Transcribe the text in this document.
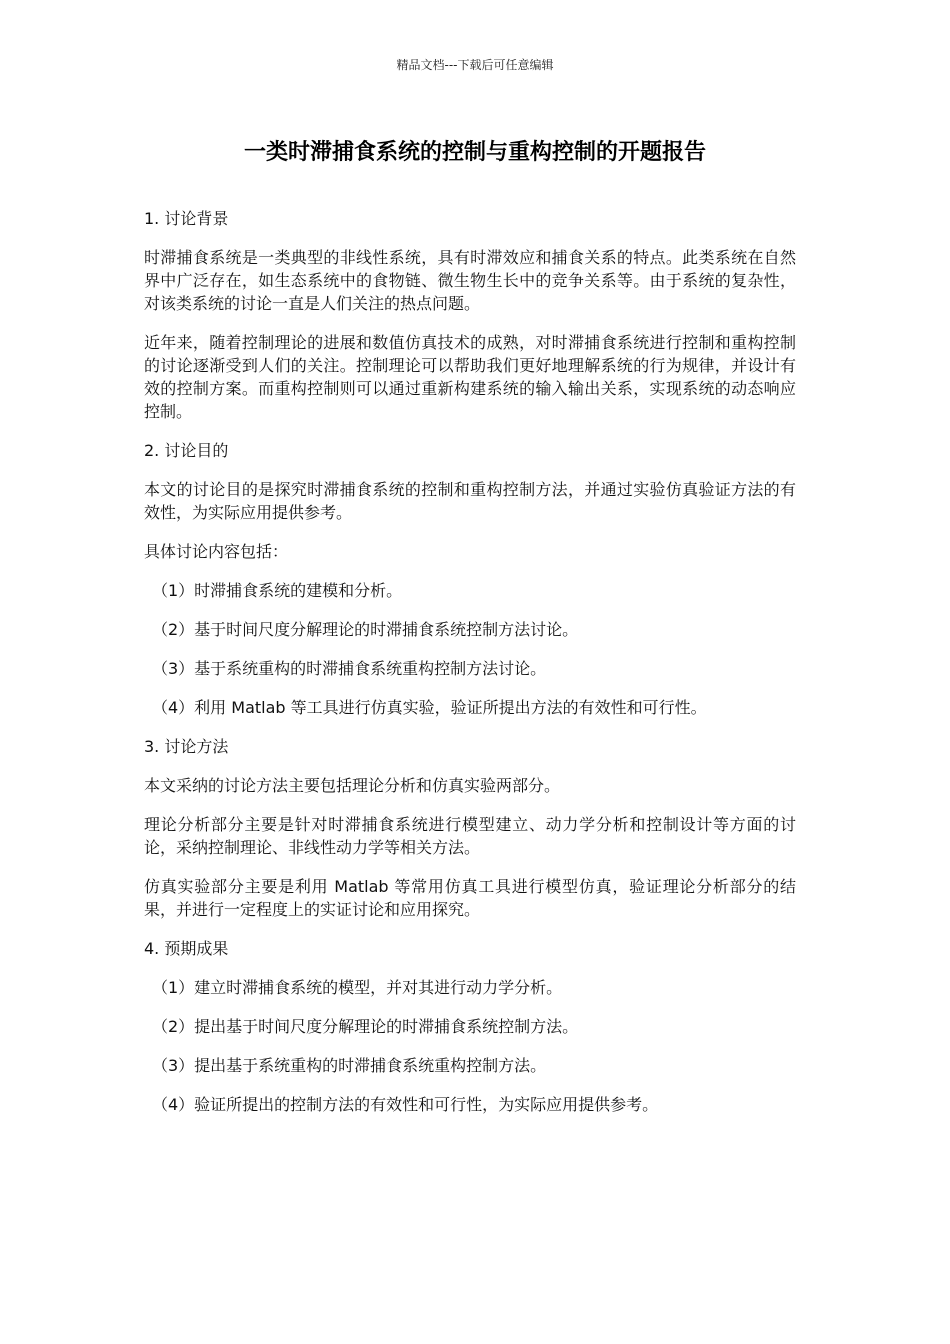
精品文档---下载后可任意编辑
一类时滞捕食系统的控制与重构控制的开题报告
1. 讨论背景
时滞捕食系统是一类典型的非线性系统，具有时滞效应和捕食关系的特点。此类系统在自然界中广泛存在，如生态系统中的食物链、微生物生长中的竞争关系等。由于系统的复杂性，对该类系统的讨论一直是人们关注的热点问题。
近年来，随着控制理论的进展和数值仿真技术的成熟，对时滞捕食系统进行控制和重构控制的讨论逐渐受到人们的关注。控制理论可以帮助我们更好地理解系统的行为规律，并设计有效的控制方案。而重构控制则可以通过重新构建系统的输入输出关系，实现系统的动态响应控制。
2. 讨论目的
本文的讨论目的是探究时滞捕食系统的控制和重构控制方法，并通过实验仿真验证方法的有效性，为实际应用提供参考。
具体讨论内容包括：
（1）时滞捕食系统的建模和分析。
（2）基于时间尺度分解理论的时滞捕食系统控制方法讨论。
（3）基于系统重构的时滞捕食系统重构控制方法讨论。
（4）利用 Matlab 等工具进行仿真实验，验证所提出方法的有效性和可行性。
3. 讨论方法
本文采纳的讨论方法主要包括理论分析和仿真实验两部分。
理论分析部分主要是针对时滞捕食系统进行模型建立、动力学分析和控制设计等方面的讨论，采纳控制理论、非线性动力学等相关方法。
仿真实验部分主要是利用 Matlab 等常用仿真工具进行模型仿真，验证理论分析部分的结果，并进行一定程度上的实证讨论和应用探究。
4. 预期成果
（1）建立时滞捕食系统的模型，并对其进行动力学分析。
（2）提出基于时间尺度分解理论的时滞捕食系统控制方法。
（3）提出基于系统重构的时滞捕食系统重构控制方法。
（4）验证所提出的控制方法的有效性和可行性，为实际应用提供参考。
